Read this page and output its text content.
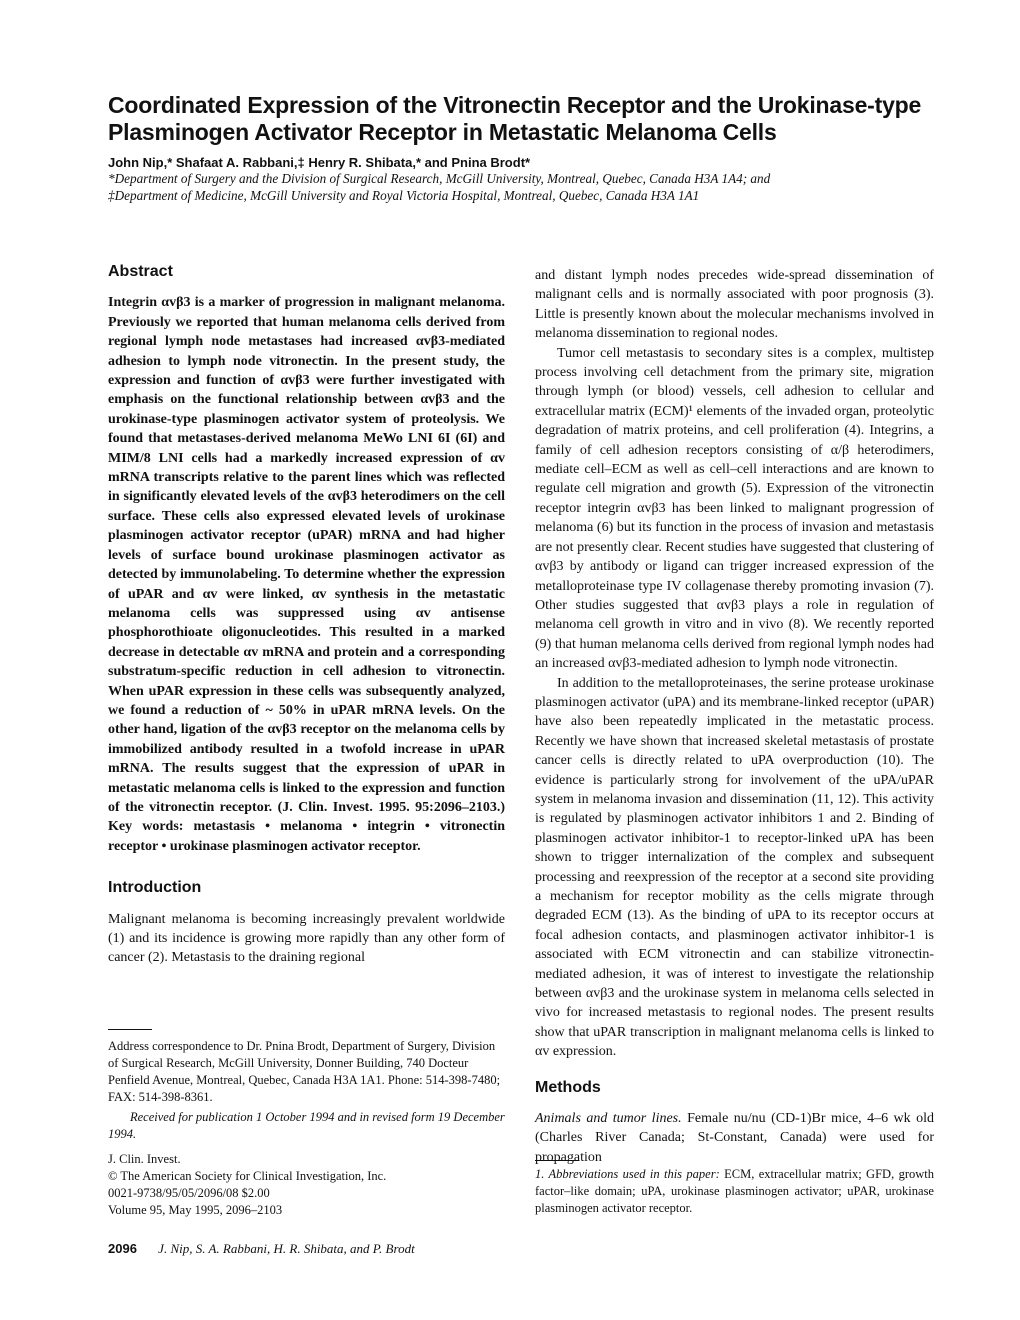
Coordinated Expression of the Vitronectin Receptor and the Urokinase-type Plasminogen Activator Receptor in Metastatic Melanoma Cells
John Nip,* Shafaat A. Rabbani,‡ Henry R. Shibata,* and Pnina Brodt*
*Department of Surgery and the Division of Surgical Research, McGill University, Montreal, Quebec, Canada H3A 1A4; and
‡Department of Medicine, McGill University and Royal Victoria Hospital, Montreal, Quebec, Canada H3A 1A1
Abstract

Integrin αvβ3 is a marker of progression in malignant melanoma. Previously we reported that human melanoma cells derived from regional lymph node metastases had increased αvβ3-mediated adhesion to lymph node vitronectin. In the present study, the expression and function of αvβ3 were further investigated with emphasis on the functional relationship between αvβ3 and the urokinase-type plasminogen activator system of proteolysis. We found that metastases-derived melanoma MeWo LNI 6I (6I) and MIM/8 LNI cells had a markedly increased expression of αv mRNA transcripts relative to the parent lines which was reflected in significantly elevated levels of the αvβ3 heterodimers on the cell surface. These cells also expressed elevated levels of urokinase plasminogen activator receptor (uPAR) mRNA and had higher levels of surface bound urokinase plasminogen activator as detected by immunolabeling. To determine whether the expression of uPAR and αv were linked, αv synthesis in the metastatic melanoma cells was suppressed using αv antisense phosphorothioate oligonucleotides. This resulted in a marked decrease in detectable αv mRNA and protein and a corresponding substratum-specific reduction in cell adhesion to vitronectin. When uPAR expression in these cells was subsequently analyzed, we found a reduction of ~ 50% in uPAR mRNA levels. On the other hand, ligation of the αvβ3 receptor on the melanoma cells by immobilized antibody resulted in a twofold increase in uPAR mRNA. The results suggest that the expression of uPAR in metastatic melanoma cells is linked to the expression and function of the vitronectin receptor. (J. Clin. Invest. 1995. 95:2096–2103.) Key words: metastasis • melanoma • integrin • vitronectin receptor • urokinase plasminogen activator receptor.

Introduction

Malignant melanoma is becoming increasingly prevalent worldwide (1) and its incidence is growing more rapidly than any other form of cancer (2). Metastasis to the draining regional

Address correspondence to Dr. Pnina Brodt, Department of Surgery, Division of Surgical Research, McGill University, Donner Building, 740 Docteur Penfield Avenue, Montreal, Quebec, Canada H3A 1A1. Phone: 514-398-7480; FAX: 514-398-8361.

Received for publication 1 October 1994 and in revised form 19 December 1994.

J. Clin. Invest.
© The American Society for Clinical Investigation, Inc.
0021-9738/95/05/2096/08 $2.00
Volume 95, May 1995, 2096–2103

and distant lymph nodes precedes wide-spread dissemination of malignant cells and is normally associated with poor prognosis (3). Little is presently known about the molecular mechanisms involved in melanoma dissemination to regional nodes.

Tumor cell metastasis to secondary sites is a complex, multistep process involving cell detachment from the primary site, migration through lymph (or blood) vessels, cell adhesion to cellular and extracellular matrix (ECM)¹ elements of the invaded organ, proteolytic degradation of matrix proteins, and cell proliferation (4). Integrins, a family of cell adhesion receptors consisting of α/β heterodimers, mediate cell–ECM as well as cell–cell interactions and are known to regulate cell migration and growth (5). Expression of the vitronectin receptor integrin αvβ3 has been linked to malignant progression of melanoma (6) but its function in the process of invasion and metastasis are not presently clear. Recent studies have suggested that clustering of αvβ3 by antibody or ligand can trigger increased expression of the metalloproteinase type IV collagenase thereby promoting invasion (7). Other studies suggested that αvβ3 plays a role in regulation of melanoma cell growth in vitro and in vivo (8). We recently reported (9) that human melanoma cells derived from regional lymph nodes had an increased αvβ3-mediated adhesion to lymph node vitronectin.

In addition to the metalloproteinases, the serine protease urokinase plasminogen activator (uPA) and its membrane-linked receptor (uPAR) have also been repeatedly implicated in the metastatic process. Recently we have shown that increased skeletal metastasis of prostate cancer cells is directly related to uPA overproduction (10). The evidence is particularly strong for involvement of the uPA/uPAR system in melanoma invasion and dissemination (11, 12). This activity is regulated by plasminogen activator inhibitors 1 and 2. Binding of plasminogen activator inhibitor-1 to receptor-linked uPA has been shown to trigger internalization of the complex and subsequent processing and reexpression of the receptor at a second site providing a mechanism for receptor mobility as the cells migrate through degraded ECM (13). As the binding of uPA to its receptor occurs at focal adhesion contacts, and plasminogen activator inhibitor-1 is associated with ECM vitronectin and can stabilize vitronectin-mediated adhesion, it was of interest to investigate the relationship between αvβ3 and the urokinase system in melanoma cells selected in vivo for increased metastasis to regional nodes. The present results show that uPAR transcription in malignant melanoma cells is linked to αv expression.

Methods

Animals and tumor lines. Female nu/nu (CD-1)Br mice, 4–6 wk old (Charles River Canada; St-Constant, Canada) were used for propagation

1. Abbreviations used in this paper: ECM, extracellular matrix; GFD, growth factor–like domain; uPA, urokinase plasminogen activator; uPAR, urokinase plasminogen activator receptor.
2096 J. Nip, S. A. Rabbani, H. R. Shibata, and P. Brodt
